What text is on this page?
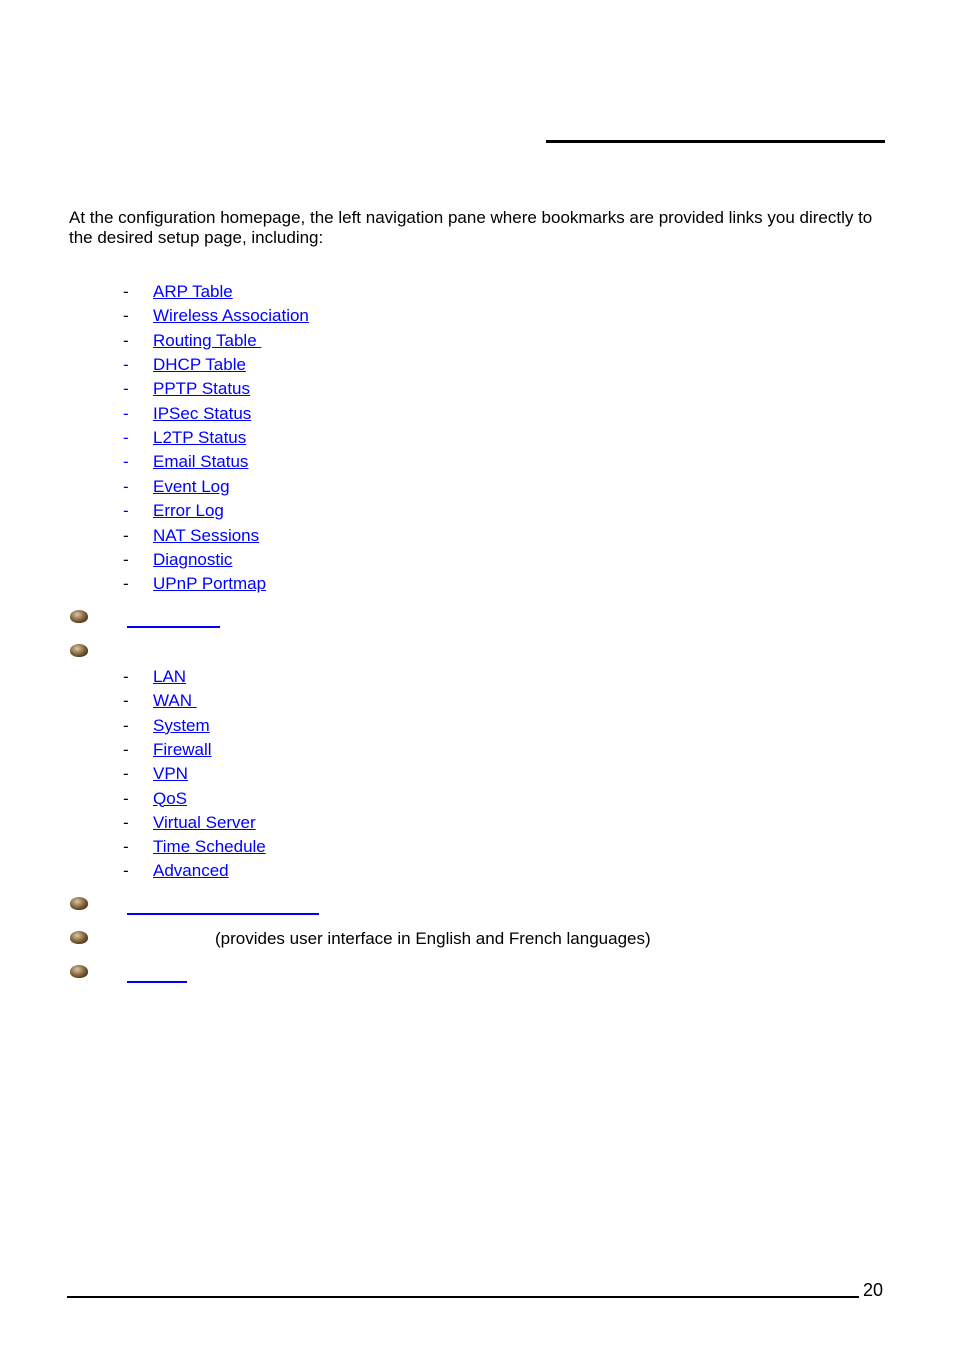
At the configuration homepage, the left navigation pane where bookmarks are provided links you directly to the desired setup page, including:
- ARP Table
- Wireless Association
- Routing Table
- DHCP Table
- PPTP Status
- IPSec Status
- L2TP Status
- Email Status
- Event Log
- Error Log
- NAT Sessions
- Diagnostic
- UPnP Portmap
- LAN
- WAN
- System
- Firewall
- VPN
- QoS
- Virtual Server
- Time Schedule
- Advanced
(provides user interface in English and French languages)
20
